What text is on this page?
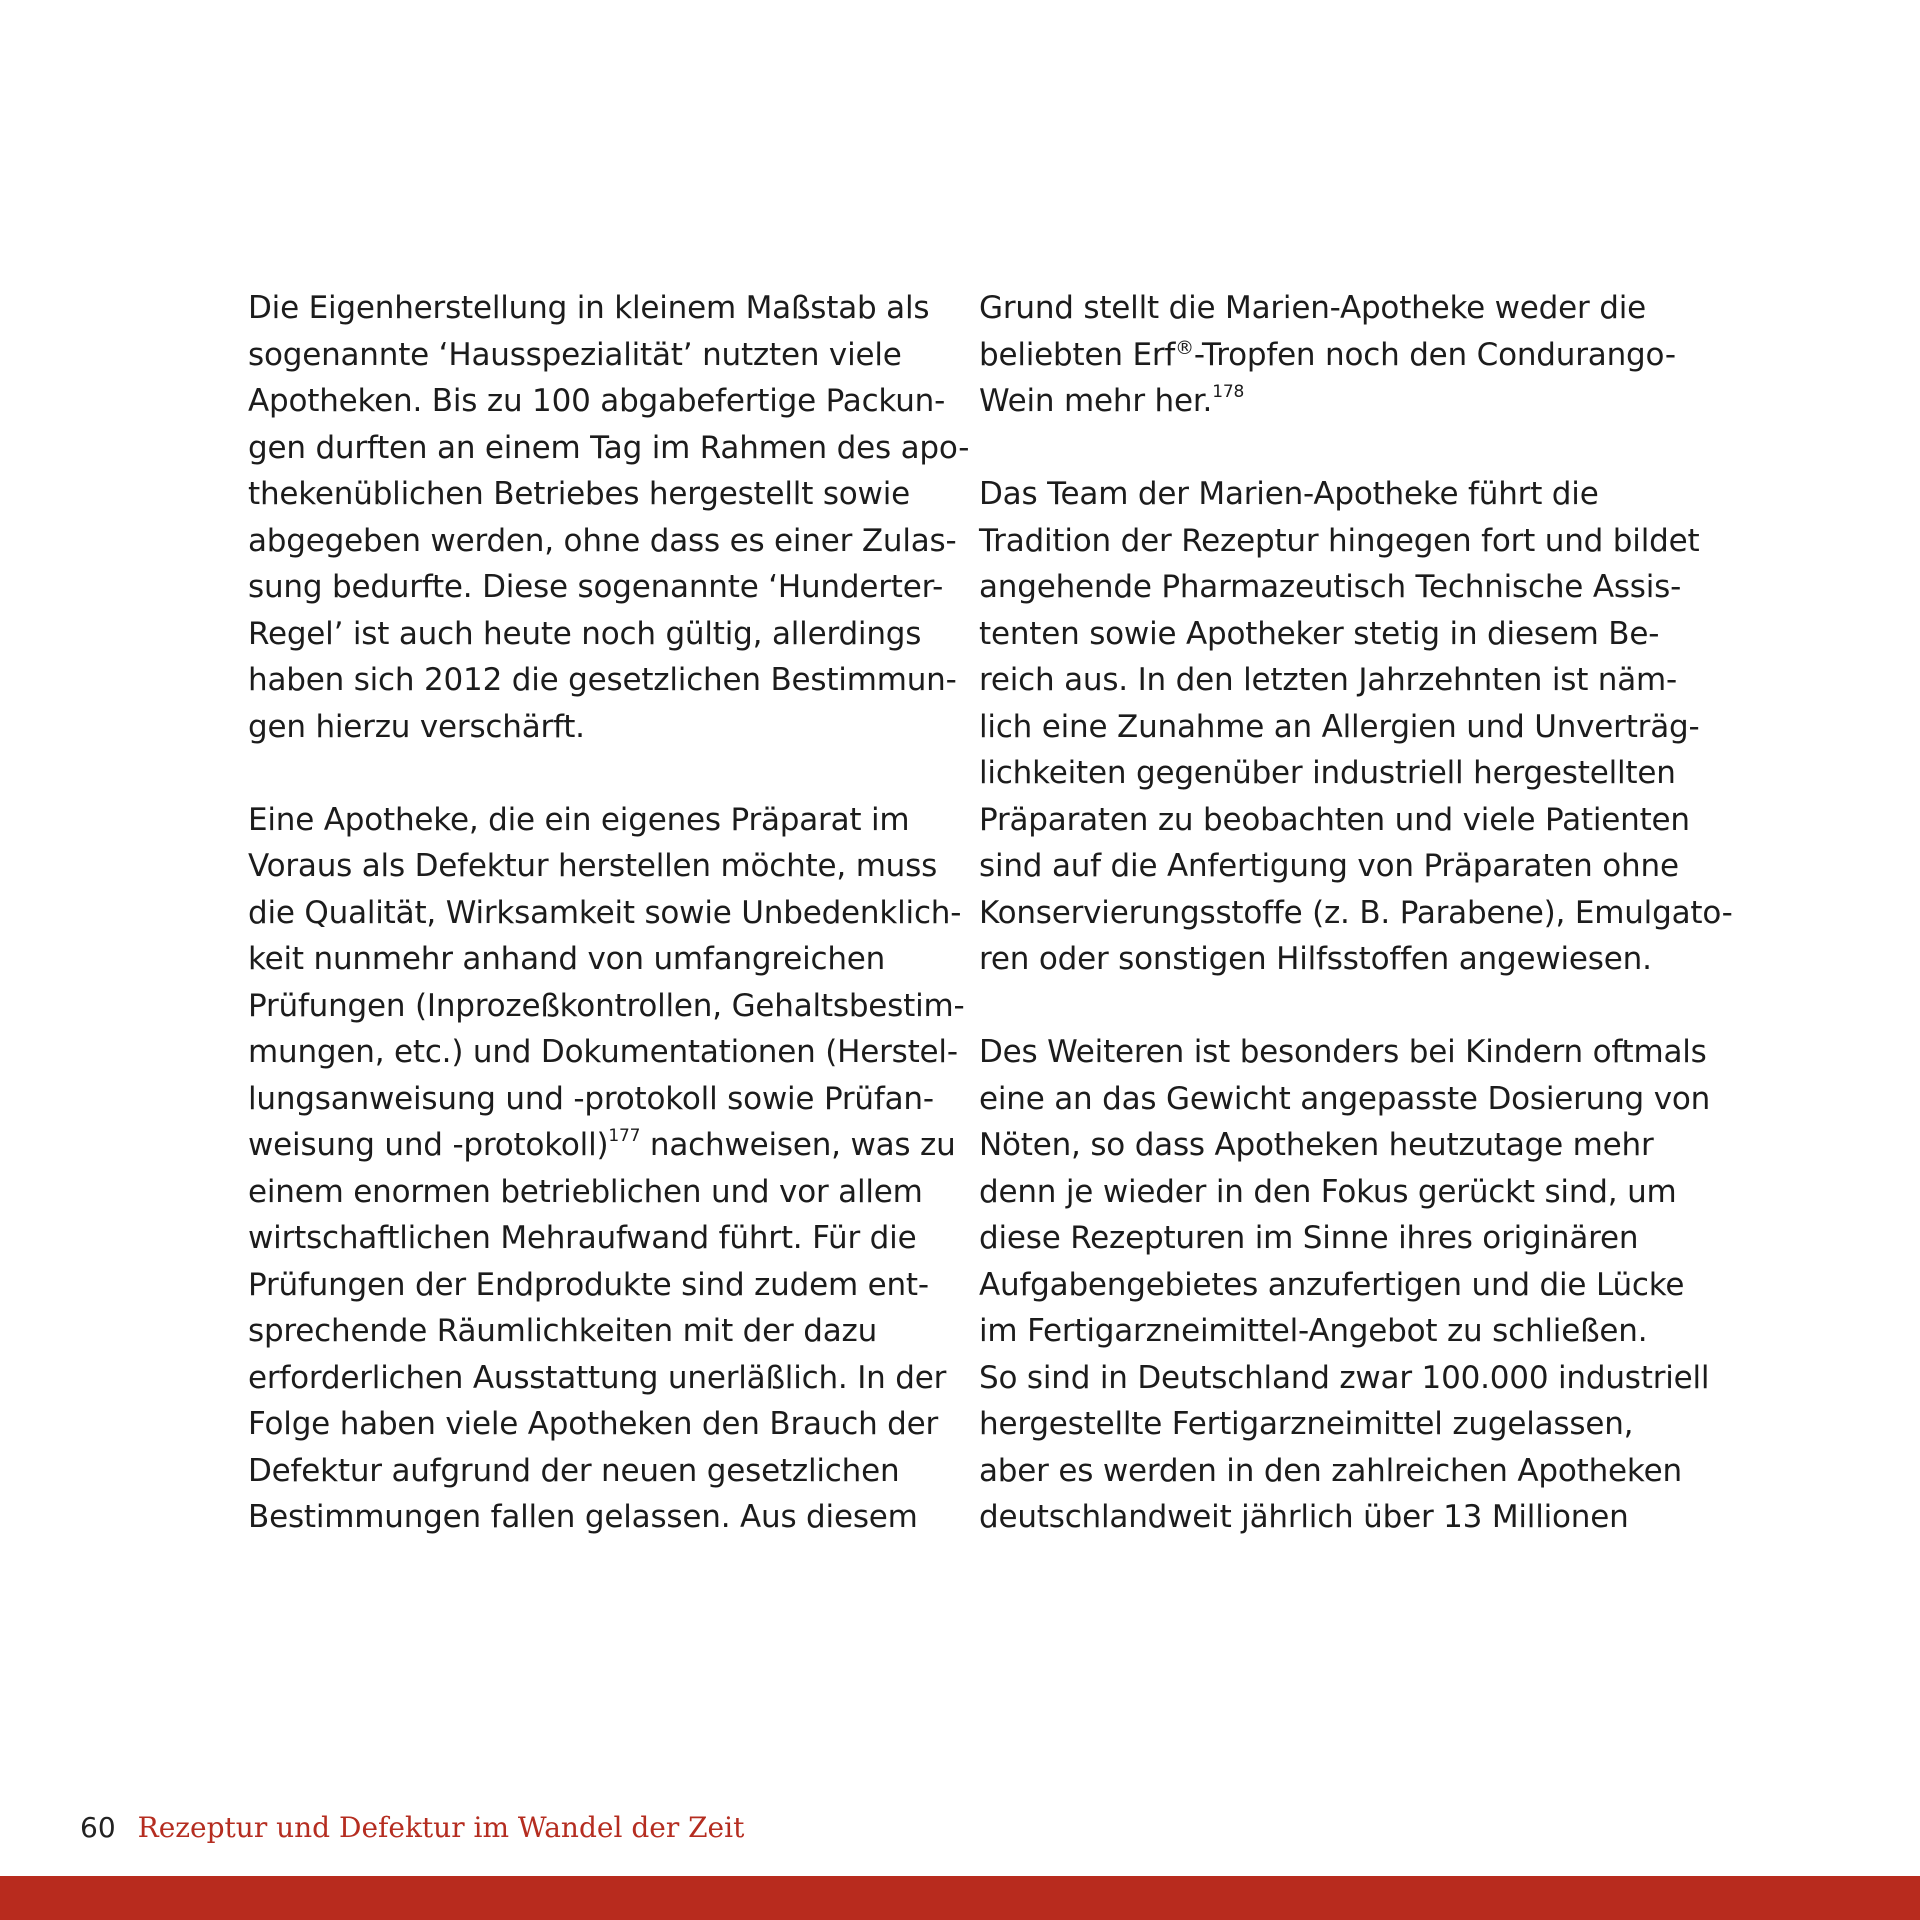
Die Eigenherstellung in kleinem Maßstab als
sogenannte ‘Hausspezialität’ nutzten viele
Apotheken. Bis zu 100 abgabefertige Packun-
gen durften an einem Tag im Rahmen des apo-
thekenüblichen Betriebes hergestellt sowie
abgegeben werden, ohne dass es einer Zulas-
sung bedurfte. Diese sogenannte ‘Hunderter-
Regel’ ist auch heute noch gültig, allerdings
haben sich 2012 die gesetzlichen Bestimmun-
gen hierzu verschärft.
Eine Apotheke, die ein eigenes Präparat im
Voraus als Defektur herstellen möchte, muss
die Qualität, Wirksamkeit sowie Unbedenklich-
keit nunmehr anhand von umfangreichen
Prüfungen (Inprozeßkontrollen, Gehaltsbestim-
mungen, etc.) und Dokumentationen (Herstel-
lungsanweisung und -protokoll sowie Prüfan-
weisung und -protokoll)$^{177}$ nachweisen, was zu
einem enormen betrieblichen und vor allem
wirtschaftlichen Mehraufwand führt. Für die
Prüfungen der Endprodukte sind zudem ent-
sprechende Räumlichkeiten mit der dazu
erforderlichen Ausstattung unerläßlich. In der
Folge haben viele Apotheken den Brauch der
Defektur aufgrund der neuen gesetzlichen
Bestimmungen fallen gelassen. Aus diesem
Grund stellt die Marien-Apotheke weder die
beliebten Erf®-Tropfen noch den Condurango-
Wein mehr her.$^{178}$
Das Team der Marien-Apotheke führt die
Tradition der Rezeptur hingegen fort und bildet
angehende Pharmazeutisch Technische Assis-
tenten sowie Apotheker stetig in diesem Be-
reich aus. In den letzten Jahrzehnten ist näm-
lich eine Zunahme an Allergien und Unverträg-
lichkeiten gegenüber industriell hergestellten
Präparaten zu beobachten und viele Patienten
sind auf die Anfertigung von Präparaten ohne
Konservierungsstoffe (z. B. Parabene), Emulgato-
ren oder sonstigen Hilfsstoffen angewiesen.
Des Weiteren ist besonders bei Kindern oftmals
eine an das Gewicht angepasste Dosierung von
Nöten, so dass Apotheken heutzutage mehr
denn je wieder in den Fokus gerückt sind, um
diese Rezepturen im Sinne ihres originären
Aufgabengebietes anzufertigen und die Lücke
im Fertigarzneimittel-Angebot zu schließen.
So sind in Deutschland zwar 100.000 industriell
hergestellte Fertigarzneimittel zugelassen,
aber es werden in den zahlreichen Apotheken
deutschlandweit jährlich über 13 Millionen
60 Rezeptur und Defektur im Wandel der Zeit
